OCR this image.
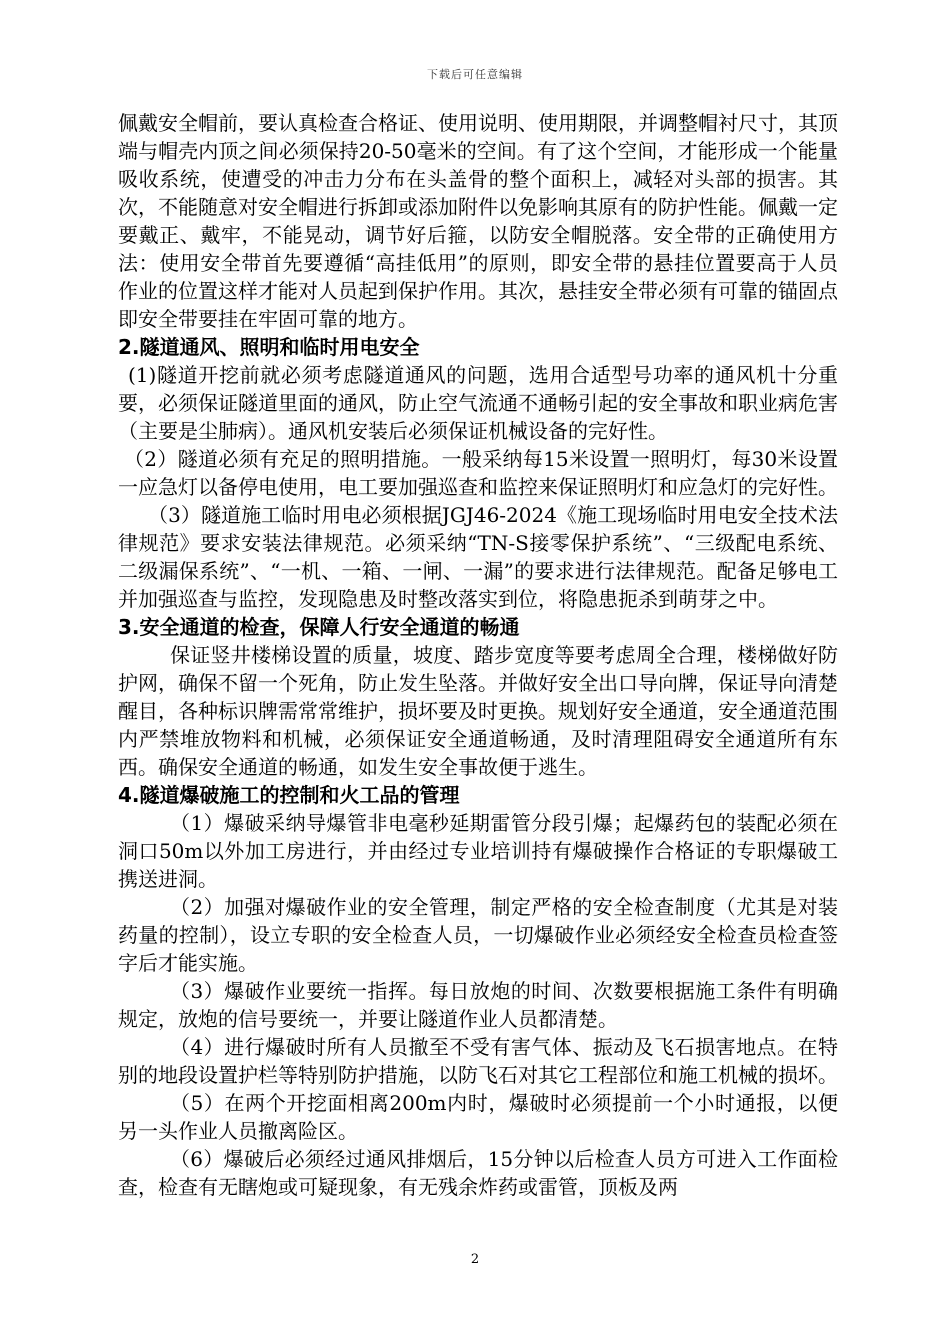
下载后可任意编辑

佩戴安全帽前，要认真检查合格证、使用说明、使用期限，并调整帽衬尺寸，其顶端与帽壳内顶之间必须保持20-50毫米的空间。有了这个空间，才能形成一个能量吸收系统，使遭受的冲击力分布在头盖骨的整个面积上，减轻对头部的损害。其次，不能随意对安全帽进行拆卸或添加附件以免影响其原有的防护性能。佩戴一定要戴正、戴牢，不能晃动，调节好后箍，以防安全帽脱落。安全带的正确使用方法：使用安全带首先要遵循“高挂低用”的原则，即安全带的悬挂位置要高于人员作业的位置这样才能对人员起到保护作用。其次，悬挂安全带必须有可靠的锚固点即安全带要挂在牢固可靠的地方。

2.隧道通风、照明和临时用电安全

(1)隧道开挖前就必须考虑隧道通风的问题，选用合适型号功率的通风机十分重要，必须保证隧道里面的通风，防止空气流通不通畅引起的安全事故和职业病危害（主要是尘肺病）。通风机安装后必须保证机械设备的完好性。

（2）隧道必须有充足的照明措施。一般采纳每15米设置一照明灯，每30米设置一应急灯以备停电使用，电工要加强巡查和监控来保证照明灯和应急灯的完好性。

（3）隧道施工临时用电必须根据JGJ46-2024《施工现场临时用电安全技术法律规范》要求安装法律规范。必须采纳“TN-S接零保护系统”、“三级配电系统、二级漏保系统”、“一机、一箱、一闸、一漏”的要求进行法律规范。配备足够电工并加强巡查与监控，发现隐患及时整改落实到位，将隐患扼杀到萌芽之中。

3.安全通道的检查，保障人行安全通道的畅通

保证竖井楼梯设置的质量，坡度、踏步宽度等要考虑周全合理，楼梯做好防护网，确保不留一个死角，防止发生坠落。并做好安全出口导向牌，保证导向清楚醒目，各种标识牌需常常维护，损坏要及时更换。规划好安全通道，安全通道范围内严禁堆放物料和机械，必须保证安全通道畅通，及时清理阻碍安全通道所有东西。确保安全通道的畅通，如发生安全事故便于逃生。

4.隧道爆破施工的控制和火工品的管理

（1）爆破采纳导爆管非电毫秒延期雷管分段引爆；起爆药包的装配必须在洞口50m以外加工房进行，并由经过专业培训持有爆破操作合格证的专职爆破工携送进洞。

（2）加强对爆破作业的安全管理，制定严格的安全检查制度（尤其是对装药量的控制），设立专职的安全检查人员，一切爆破作业必须经安全检查员检查签字后才能实施。

（3）爆破作业要统一指挥。每日放炮的时间、次数要根据施工条件有明确规定，放炮的信号要统一，并要让隧道作业人员都清楚。

（4）进行爆破时所有人员撤至不受有害气体、振动及飞石损害地点。在特别的地段设置护栏等特别防护措施，以防飞石对其它工程部位和施工机械的损坏。

（5）在两个开挖面相离200m内时，爆破时必须提前一个小时通报，以便另一头作业人员撤离险区。

（6）爆破后必须经过通风排烟后，15分钟以后检查人员方可进入工作面检查，检查有无瞎炮或可疑现象，有无残余炸药或雷管，顶板及两

2
